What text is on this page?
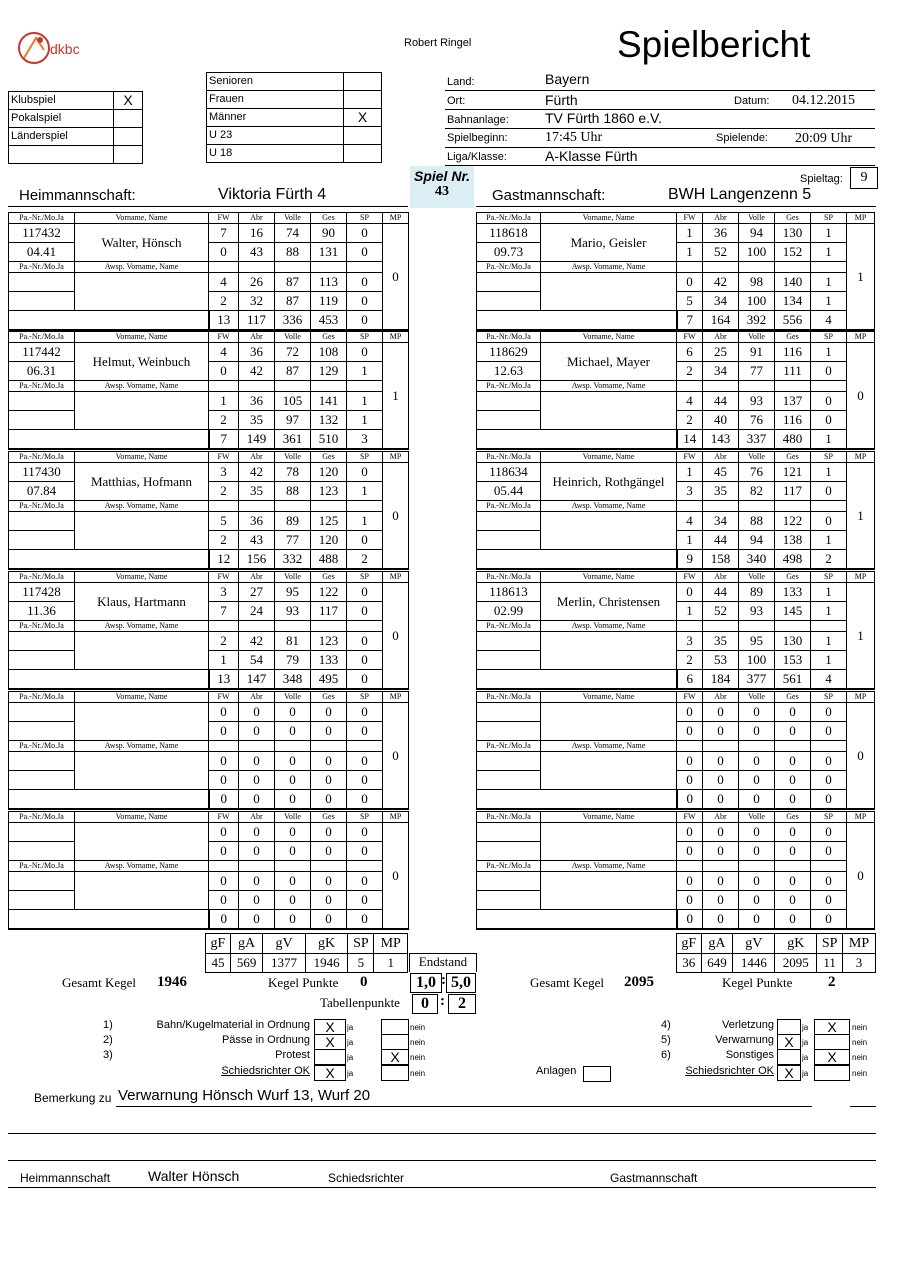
dkbc	Robert Ringel	Spielbericht
Klubspiel	X
Pokalspiel	
Länderspiel	

Senioren	
Frauen	
Männer	X
U 23	
U 18	
Land:	Bayern
Ort:	Fürth	Datum: 04.12.2015
Bahnanlage:	TV Fürth 1860 e.V.
Spielbeginn:	17:45 Uhr	Spielende: 20:09 Uhr
Liga/Klasse:	A-Klasse Fürth
Spieltag:	9
Spiel Nr.
43
Heimmannschaft:	Viktoria Fürth 4	Gastmannschaft:	BWH Langenzenn 5
Pa.-Nr./Mo.Ja	Vorname, Name	FW	Abr	Volle	Ges	SP	MP
117432	Walter, Hönsch	7	16	74	90	0	0
04.41		0	43	88	131	0	
Pa.-Nr./Mo.Ja	Awsp. Vorname, Name						
		4	26	87	113	0	
		2	32	87	119	0	
		13	117	336	453	0	
Pa.-Nr./Mo.Ja	Vorname, Name	FW	Abr	Volle	Ges	SP	MP
117442	Helmut, Weinbuch	4	36	72	108	0	1
06.31		0	42	87	129	1	
Pa.-Nr./Mo.Ja	Awsp. Vorname, Name						
		1	36	105	141	1	
		2	35	97	132	1	
		7	149	361	510	3	
Pa.-Nr./Mo.Ja	Vorname, Name	FW	Abr	Volle	Ges	SP	MP
117430	Matthias, Hofmann	3	42	78	120	0	0
07.84		2	35	88	123	1	
Pa.-Nr./Mo.Ja	Awsp. Vorname, Name						
		5	36	89	125	1	
		2	43	77	120	0	
		12	156	332	488	2	
Pa.-Nr./Mo.Ja	Vorname, Name	FW	Abr	Volle	Ges	SP	MP
117428	Klaus, Hartmann	3	27	95	122	0	0
11.36		7	24	93	117	0	
Pa.-Nr./Mo.Ja	Awsp. Vorname, Name						
		2	42	81	123	0	
		1	54	79	133	0	
		13	147	348	495	0	
Pa.-Nr./Mo.Ja	Vorname, Name	FW	Abr	Volle	Ges	SP	MP
		0	0	0	0	0	0
		0	0	0	0	0	
Pa.-Nr./Mo.Ja	Awsp. Vorname, Name						
		0	0	0	0	0	
		0	0	0	0	0	
		0	0	0	0	0	
Pa.-Nr./Mo.Ja	Vorname, Name	FW	Abr	Volle	Ges	SP	MP
		0	0	0	0	0	0
		0	0	0	0	0	
Pa.-Nr./Mo.Ja	Awsp. Vorname, Name						
		0	0	0	0	0	
		0	0	0	0	0	
		0	0	0	0	0	
Pa.-Nr./Mo.Ja	Vorname, Name	FW	Abr	Volle	Ges	SP	MP
118618	Mario, Geisler	1	36	94	130	1	1
09.73		1	52	100	152	1	
Pa.-Nr./Mo.Ja	Awsp. Vorname, Name						
		0	42	98	140	1	
		5	34	100	134	1	
		7	164	392	556	4	
Pa.-Nr./Mo.Ja	Vorname, Name	FW	Abr	Volle	Ges	SP	MP
118629	Michael, Mayer	6	25	91	116	1	0
12.63		2	34	77	111	0	
Pa.-Nr./Mo.Ja	Awsp. Vorname, Name						
		4	44	93	137	0	
		2	40	76	116	0	
		14	143	337	480	1	
Pa.-Nr./Mo.Ja	Vorname, Name	FW	Abr	Volle	Ges	SP	MP
118634	Heinrich, Rothgängel	1	45	76	121	1	1
05.44		3	35	82	117	0	
Pa.-Nr./Mo.Ja	Awsp. Vorname, Name						
		4	34	88	122	0	
		1	44	94	138	1	
		9	158	340	498	2	
Pa.-Nr./Mo.Ja	Vorname, Name	FW	Abr	Volle	Ges	SP	MP
118613	Merlin, Christensen	0	44	89	133	1	1
02.99		1	52	93	145	1	
Pa.-Nr./Mo.Ja	Awsp. Vorname, Name						
		3	35	95	130	1	
		2	53	100	153	1	
		6	184	377	561	4	
Pa.-Nr./Mo.Ja	Vorname, Name	FW	Abr	Volle	Ges	SP	MP
		0	0	0	0	0	0
		0	0	0	0	0	
Pa.-Nr./Mo.Ja	Awsp. Vorname, Name						
		0	0	0	0	0	
		0	0	0	0	0	
		0	0	0	0	0	
Pa.-Nr./Mo.Ja	Vorname, Name	FW	Abr	Volle	Ges	SP	MP
		0	0	0	0	0	0
		0	0	0	0	0	
Pa.-Nr./Mo.Ja	Awsp. Vorname, Name						
		0	0	0	0	0	
		0	0	0	0	0	
		0	0	0	0	0	
gF	gA	gV	gK	SP	MP
45	569	1377	1946	5	1
gF	gA	gV	gK	SP	MP
36	649	1446	2095	11	3
Endstand
Gesamt Kegel 1946	Kegel Punkte 0	1,0 : 5,0	Gesamt Kegel 2095	Kegel Punkte 2
Tabellenpunkte	0 : 2
1)	Bahn/Kugelmaterial in Ordnung	X	ja	nein
2)	Pässe in Ordnung	X	ja	nein
3)	Protest	ja	X	nein
Schiedsrichter OK	X	ja	nein
4)	Verletzung	ja	X	nein
5)	Verwarnung X	ja	nein
6)	Sonstiges	ja	X	nein
Schiedsrichter OK X	ja	nein
Anlagen
Bemerkung zu Verwarnung Hönsch Wurf 13, Wurf 20
Heimmannschaft	Walter Hönsch	Schiedsrichter	Gastmannschaft
